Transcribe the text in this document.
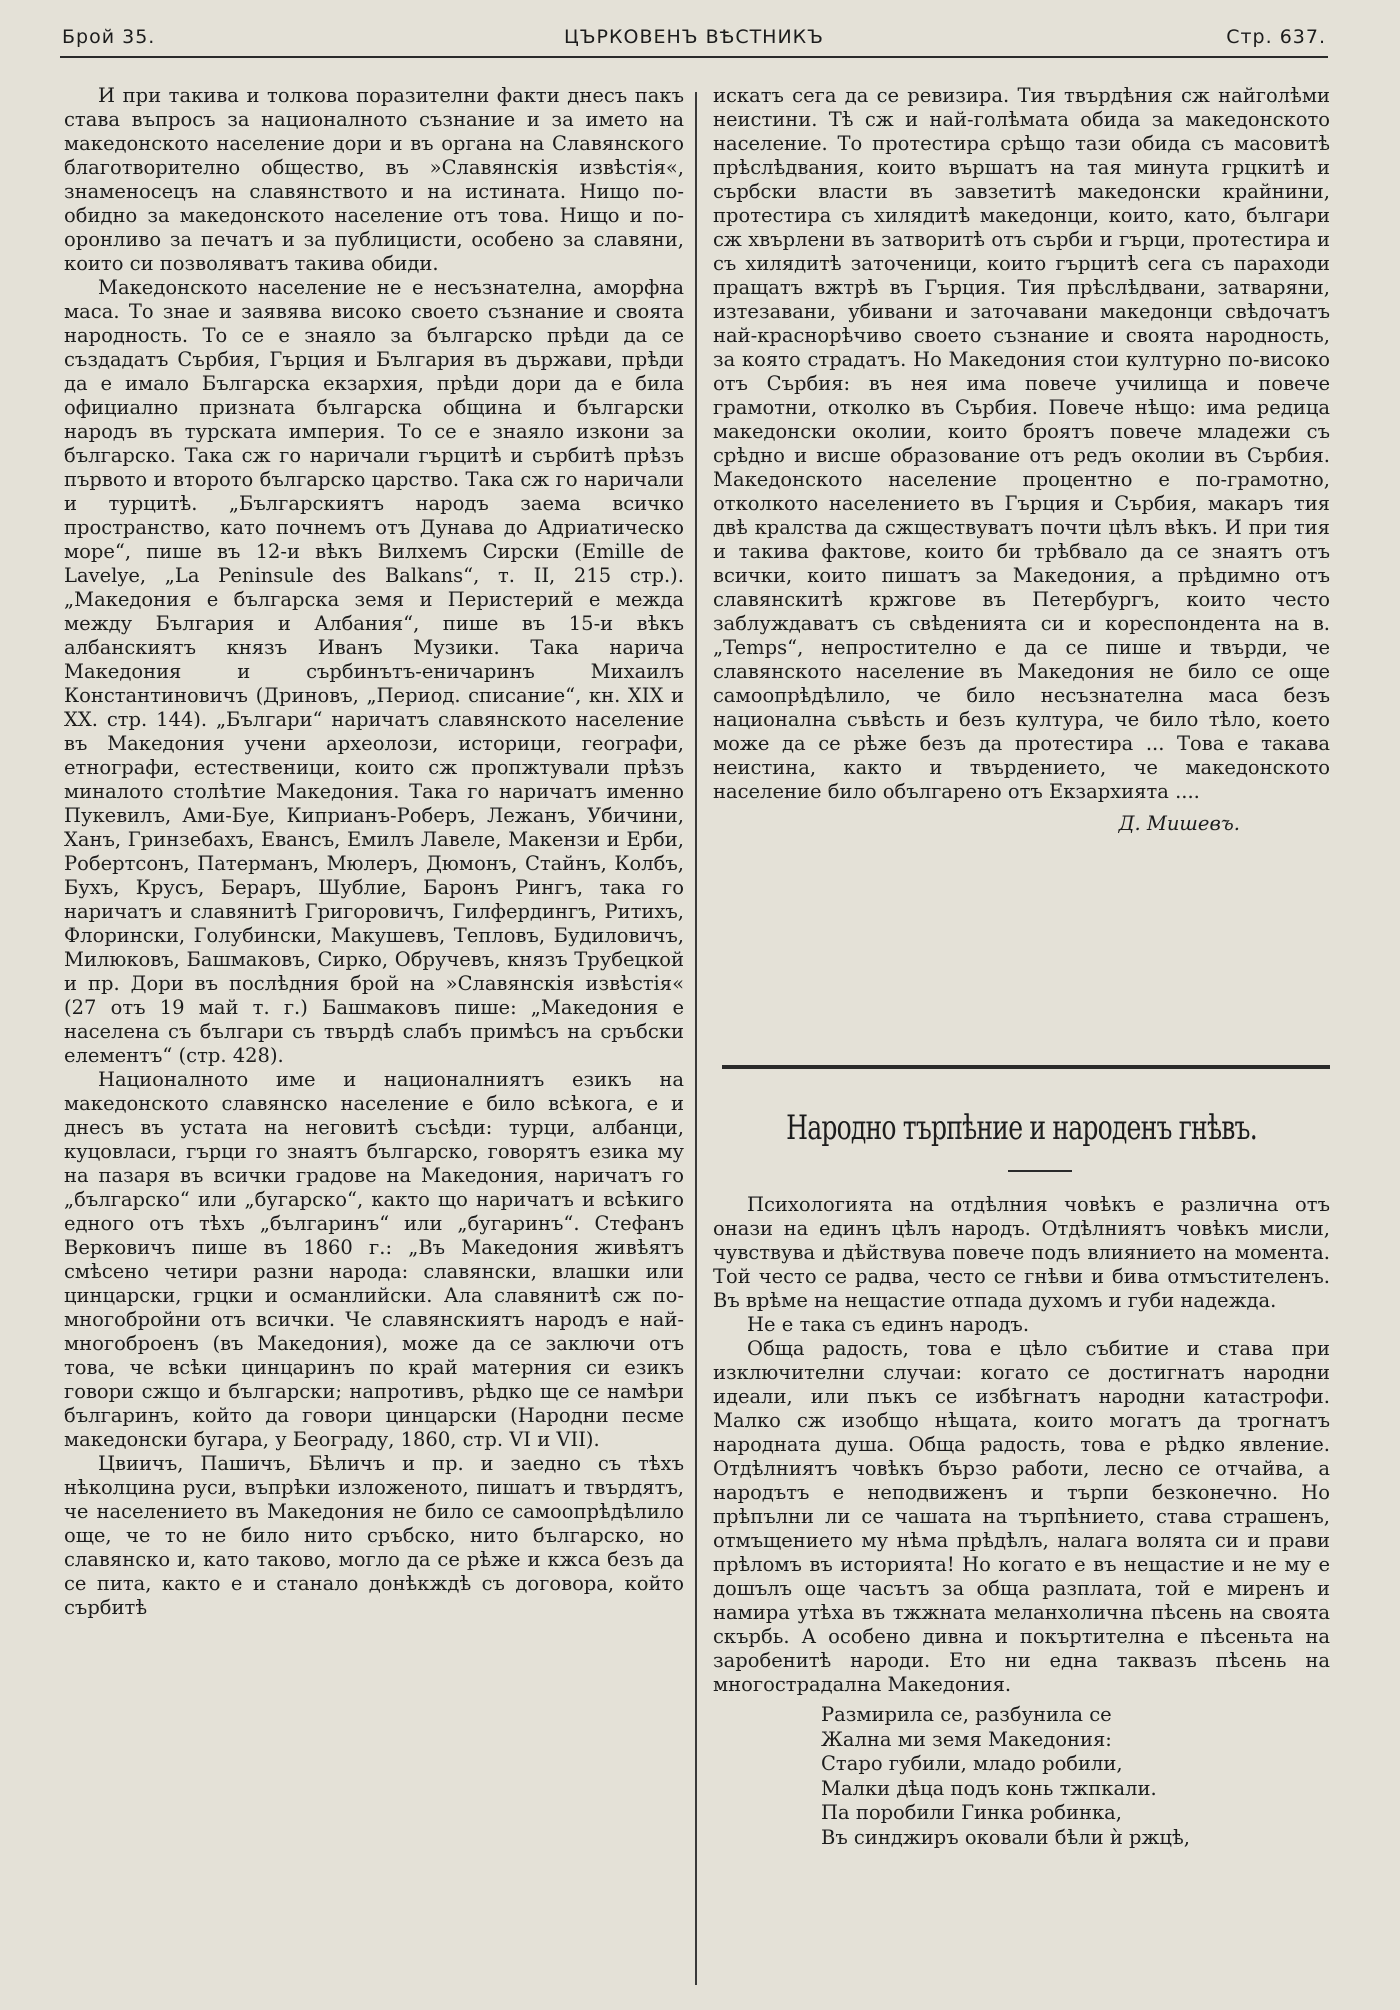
Брой 35.	ЦЪРКОВЕНЪ ВѢСТНИКЪ	Стр. 637.

И при такива и толкова поразителни факти днесъ пакъ става въпросъ за националното съзнание и за името на македонското население дори и въ органа на Славянского благотворително общество, въ »Славянскія извѣстія«, знаменосецъ на славянството и на истината. Нищо по-обидно за македонското население отъ това. Нищо и по-оронливо за печатъ и за публицисти, особено за славяни, които си позволяватъ такива обиди.

Македонското население не е несъзнателна, аморфна маса. То знае и заявява високо своето съзнание и своята народность. То се е знаяло за българско прѣди да се създадатъ Сърбия, Гърция и България въ държави, прѣди да е имало Българска екзархия, прѣди дори да е била официално призната българска община и български народъ въ турската империя. То се е знаяло изкони за българско. Така сж го наричали гърцитѣ и сърбитѣ прѣзъ първото и второто българско царство. Така сж го наричали и турцитѣ. „Българскиятъ народъ заема всичко пространство, като почнемъ отъ Дунава до Адриатическо море“, пише въ 12-и вѣкъ Вилхемъ Сирски (Emille de Lavelye, „La Peninsule des Balkans“, т. II, 215 стр.). „Македония е българска земя и Перистерий е межда между България и Албания“, пише въ 15-и вѣкъ албанскиятъ князъ Иванъ Музики. Така нарича Македония и сърбинътъ-еничаринъ Михаилъ Константиновичъ (Дриновъ, „Период. списание“, кн. XIX и XX. стр. 144). „Българи“ наричатъ славянското население въ Македония учени археолози, историци, географи, етнографи, естественици, които сж пропжтували прѣзъ миналото столѣтие Македония. Така го наричатъ именно Пукевилъ, Ами-Буе, Киприанъ-Роберъ, Лежанъ, Убичини, Ханъ, Гринзебахъ, Евансъ, Емилъ Лавеле, Макензи и Ерби, Робертсонъ, Патерманъ, Мюлеръ, Дюмонъ, Стайнъ, Колбъ, Бухъ, Крусъ, Бераръ, Шублие, Баронъ Рингъ, така го наричатъ и славянитѣ Григоровичъ, Гилфердингъ, Ритихъ, Флорински, Голубински, Макушевъ, Тепловъ, Будиловичъ, Милюковъ, Башмаковъ, Сирко, Обручевъ, князъ Трубецкой и пр. Дори въ послѣдния брой на »Славянскія извѣстія« (27 отъ 19 май т. г.) Башмаковъ пише: „Македония е населена съ българи съ твърдѣ слабъ примѣсъ на сръбски елементъ“ (стр. 428).

Националното име и националниятъ езикъ на македонското славянско население е било всѣкога, е и днесъ въ устата на неговитѣ съсѣди: турци, албанци, куцовласи, гърци го знаятъ българско, говорятъ езика му на пазаря въ всички градове на Македония, наричатъ го „българско“ или „бугарско“, както що наричатъ и всѣкиго едного отъ тѣхъ „българинъ“ или „бугаринъ“. Стефанъ Верковичъ пише въ 1860 г.: „Въ Македония живѣятъ смѣсено четири разни народа: славянски, влашки или цинцарски, грцки и османлийски. Ала славянитѣ сж по-многобройни отъ всички. Че славянскиятъ народъ е най-многоброенъ (въ Македония), може да се заключи отъ това, че всѣки цинцаринъ по край матерния си езикъ говори сжщо и български; напротивъ, рѣдко ще се намѣри българинъ, който да говори цинцарски (Народни песме македонски бугара, у Београду, 1860, стр. VI и VII).

Цвиичъ, Пашичъ, Бѣличъ и пр. и заедно съ тѣхъ нѣколцина руси, въпрѣки изложеното, пишатъ и твърдятъ, че населението въ Македония не било се самоопрѣдѣлило още, че то не било нито сръбско, нито българско, но славянско и, като таково, могло да се рѣже и кжса безъ да се пита, както е и станало донѣкждѣ съ договора, който сърбитѣ

искатъ сега да се ревизира. Тия твърдѣния сж найголѣми неистини. Тѣ сж и най-голѣмата обида за македонското население. То протестира срѣщо тази обида съ масовитѣ прѣслѣдвания, които вършатъ на тая минута грцкитѣ и сърбски власти въ завзетитѣ македонски крайнини, протестира съ хилядитѣ македонци, които, като, българи сж хвърлени въ затворитѣ отъ сърби и гърци, протестира и съ хилядитѣ заточеници, които гърцитѣ сега съ параходи пращатъ вжтрѣ въ Гърция. Тия прѣслѣдвани, затваряни, изтезавани, убивани и заточавани македонци свѣдочатъ най-краснорѣчиво своето съзнание и своята народность, за която страдатъ. Но Македония стои културно по-високо отъ Сърбия: въ нея има повече училища и повече грамотни, отколко въ Сърбия. Повече нѣщо: има редица македонски околии, които броятъ повече младежи съ срѣдно и висше образование отъ редъ околии въ Сърбия. Македонското население процентно е по-грамотно, отколкото населението въ Гърция и Сърбия, макаръ тия двѣ кралства да сжществуватъ почти цѣлъ вѣкъ. И при тия и такива фактове, които би трѣбвало да се знаятъ отъ всички, които пишатъ за Македония, а прѣдимно отъ славянскитѣ кржгове въ Петербургъ, които често заблуждаватъ съ свѣденията си и кореспондента на в. „Temps“, непростително е да се пише и твърди, че славянското население въ Македония не било се още самоопрѣдѣлило, че било несъзнателна маса безъ национална съвѣсть и безъ култура, че било тѣло, което може да се рѣже безъ да протестира ... Това е такава неистина, както и твърдението, че македонското население било обългарено отъ Екзархията ....

Д. Мишевъ.
Народно търпѣние и народенъ гнѣвъ.

Психологията на отдѣлния човѣкъ е различна отъ онази на единъ цѣлъ народъ. Отдѣлниятъ човѣкъ мисли, чувствува и дѣйствува повече подъ влиянието на момента. Той често се радва, често се гнѣви и бива отмъстителенъ. Въ врѣме на нещастие отпада духомъ и губи надежда.

Не е така съ единъ народъ.

Обща радость, това е цѣло събитие и става при изключителни случаи: когато се достигнатъ народни идеали, или пъкъ се избѣгнатъ народни катастрофи. Малко сж изобщо нѣщата, които могатъ да трогнатъ народната душа. Обща радость, това е рѣдко явление. Отдѣлниятъ човѣкъ бързо работи, лесно се отчайва, а народътъ е неподвиженъ и търпи безконечно. Но прѣпълни ли се чашата на търпѣнието, става страшенъ, отмъщението му нѣма прѣдѣлъ, налага волята си и прави прѣломъ въ историята! Но когато е въ нещастие и не му е дошълъ още часътъ за обща разплата, той е миренъ и намира утѣха въ тжжната меланхолична пѣсень на своята скърбь. А особено дивна и покъртителна е пѣсеньта на заробенитѣ народи. Ето ни една таквазъ пѣсень на многострадална Македония.

Размирила се, разбунила се
Жална ми земя Македония:
Старо губили, младо робили,
Малки дѣца подъ конь тжпкали.
Па поробили Гинка робинка,
Въ синджиръ оковали бѣли ѝ ржцѣ,
